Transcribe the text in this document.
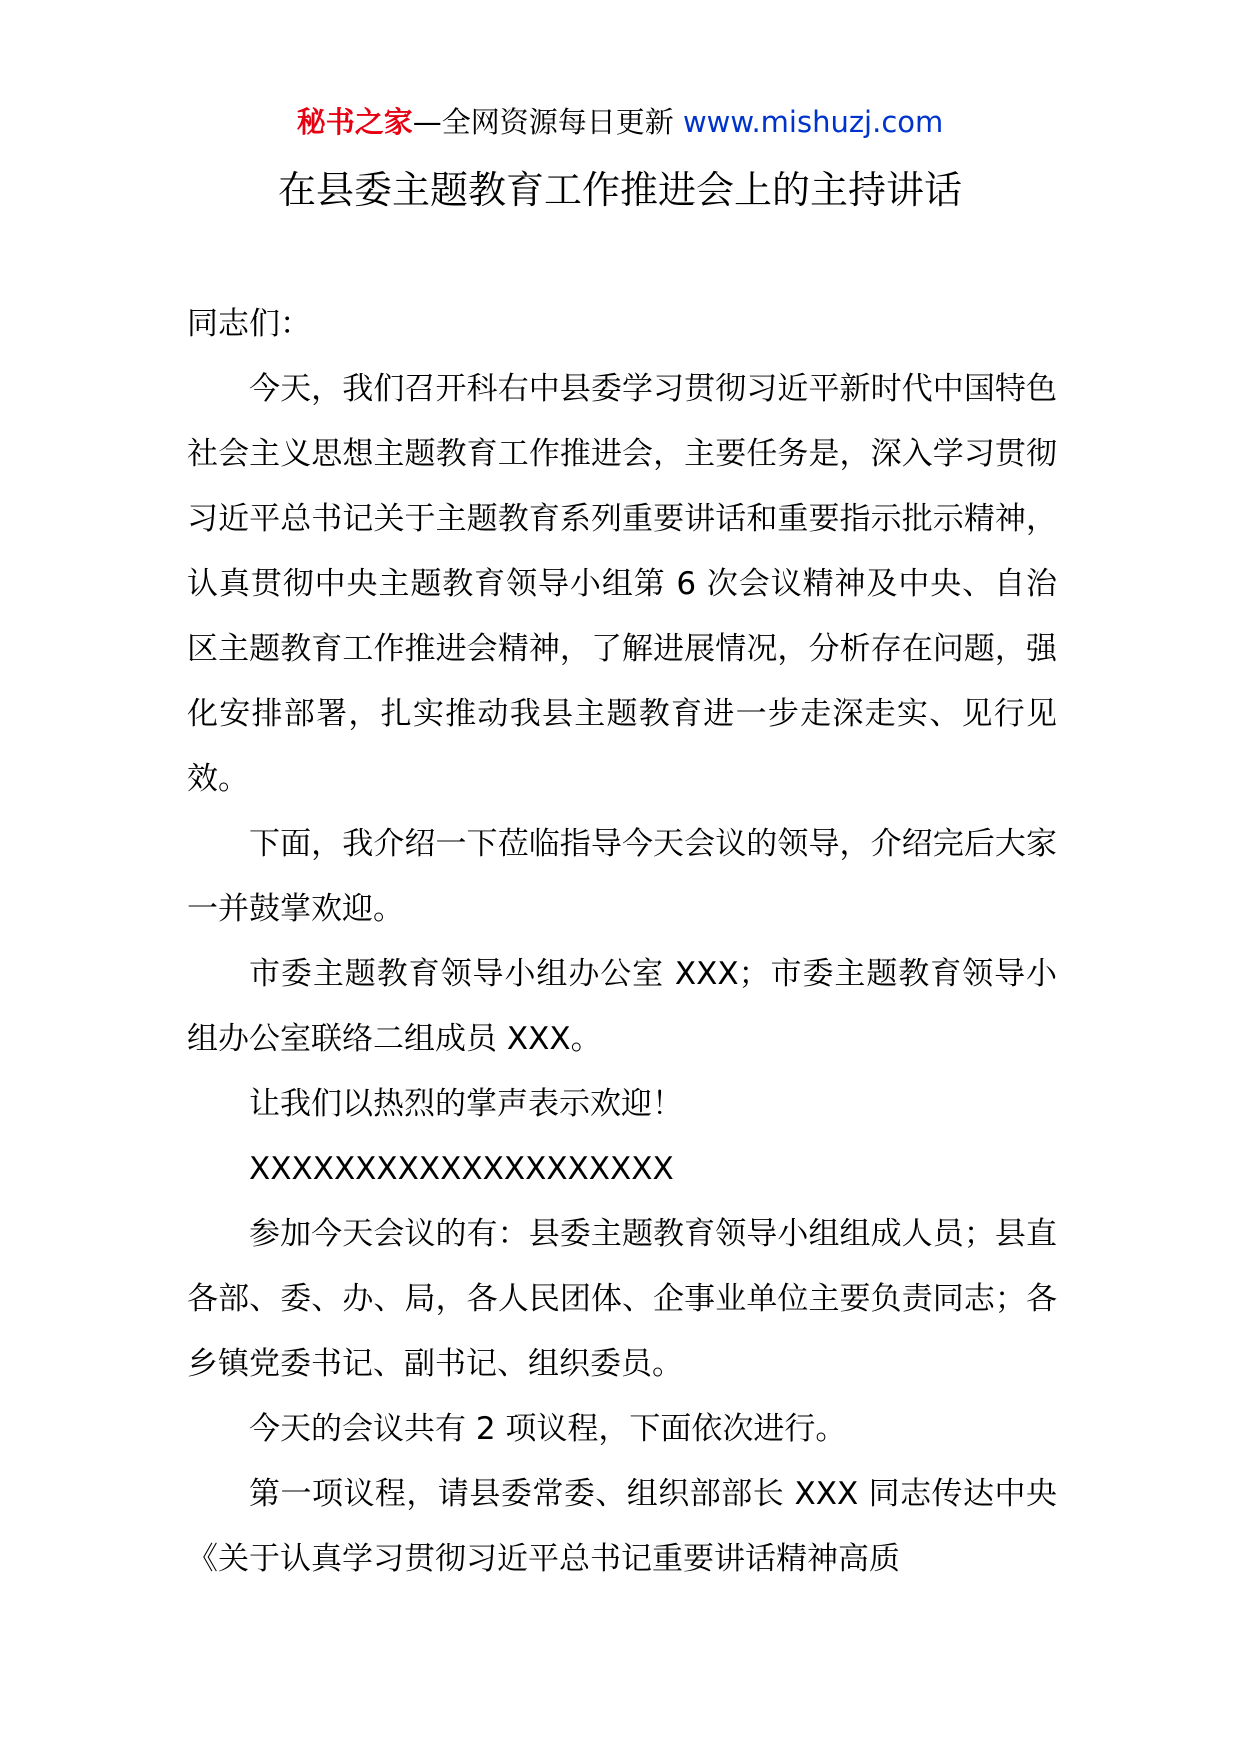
秘书之家—全网资源每日更新 www.mishuzj.com
在县委主题教育工作推进会上的主持讲话

同志们：

今天，我们召开科右中县委学习贯彻习近平新时代中国特色社会主义思想主题教育工作推进会，主要任务是，深入学习贯彻习近平总书记关于主题教育系列重要讲话和重要指示批示精神，认真贯彻中央主题教育领导小组第 6 次会议精神及中央、自治区主题教育工作推进会精神，了解进展情况，分析存在问题，强化安排部署，扎实推动我县主题教育进一步走深走实、见行见效。

下面，我介绍一下莅临指导今天会议的领导，介绍完后大家一并鼓掌欢迎。

市委主题教育领导小组办公室 XXX；市委主题教育领导小组办公室联络二组成员 XXX。

让我们以热烈的掌声表示欢迎！

XXXXXXXXXXXXXXXXXXXX

参加今天会议的有：县委主题教育领导小组组成人员；县直各部、委、办、局，各人民团体、企事业单位主要负责同志；各乡镇党委书记、副书记、组织委员。

今天的会议共有 2 项议程，下面依次进行。

第一项议程，请县委常委、组织部部长 XXX 同志传达中央《关于认真学习贯彻习近平总书记重要讲话精神高质
